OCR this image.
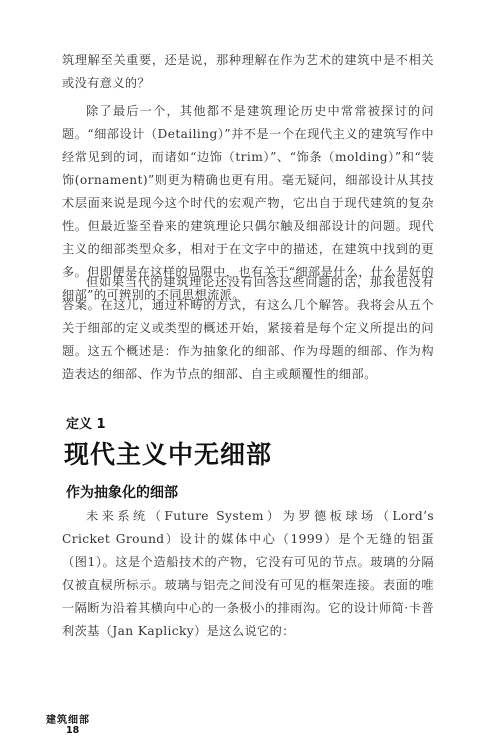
筑理解至关重要，还是说，那种理解在作为艺术的建筑中是不相关或没有意义的？

除了最后一个，其他都不是建筑理论历史中常常被探讨的问题。“细部设计（Detailing）”并不是一个在现代主义的建筑写作中经常见到的词，而诸如“边饰（trim）”、“饰条（molding）”和“装饰(ornament)”则更为精确也更有用。毫无疑问，细部设计从其技术层面来说是现今这个时代的宏观产物，它出自于现代建筑的复杂性。但最近鉴至眷来的建筑理论只偶尔触及细部设计的问题。现代主义的细部类型众多，相对于在文字中的描述，在建筑中找到的更多。但即便是在这样的局限中，也有关于“细部是什么，什么是好的细部”的可辨别的不同思想流派。

但如果当代的建筑理论还没有回答这些问题的话，那我也没有答案。在这儿，通过朴畴的方式，有这么几个解答。我将会从五个关于细部的定义或类型的概述开始，紧接着是每个定义所提出的问题。这五个概述是：作为抽象化的细部、作为母题的细部、作为构造表达的细部、作为节点的细部、自主或颠覆性的细部。

定义 1
现代主义中无细部
作为抽象化的细部

未来系统（Future System）为罗德板球场（Lord’s Cricket Ground）设计的媒体中心（1999）是个无缝的铝蛋（图1）。这是个造船技术的产物，它没有可见的节点。玻璃的分隔仅被直棂所标示。玻璃与铝壳之间没有可见的框架连接。表面的唯一隔断为沿着其横向中心的一条极小的排雨沟。它的设计师简·卡普利茨基（Jan Kaplicky）是这么说它的：

建筑细部
18
